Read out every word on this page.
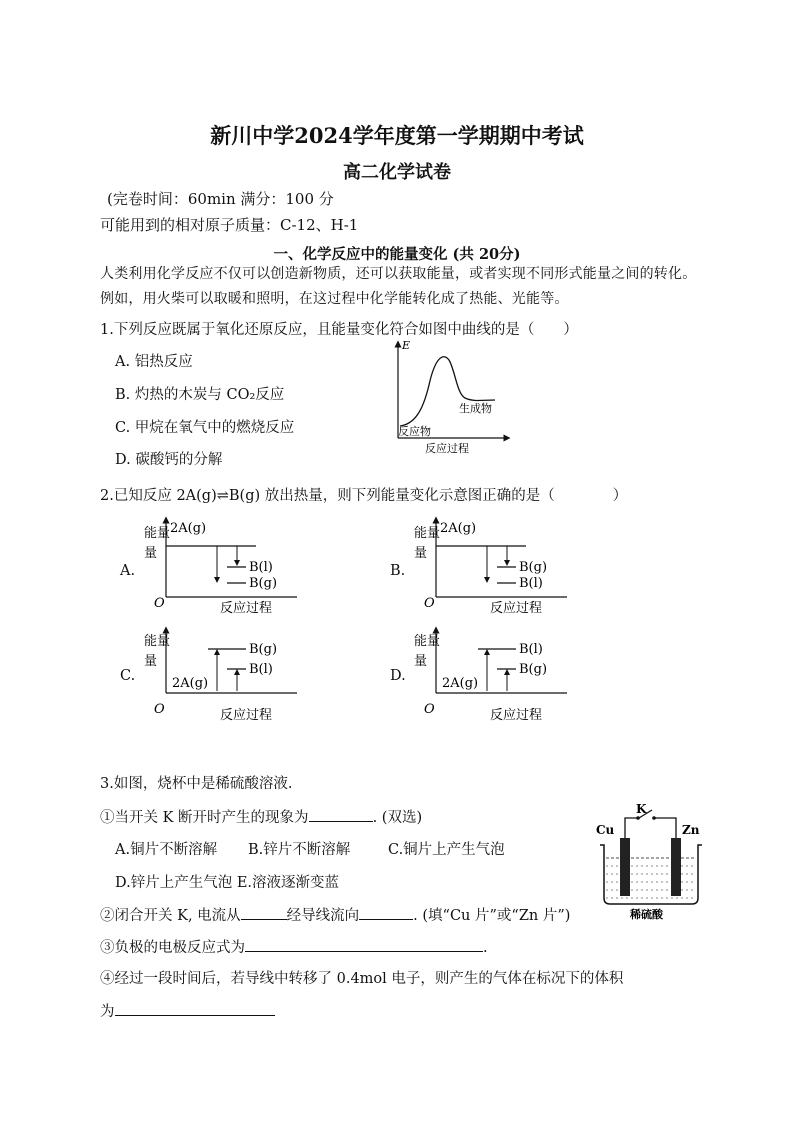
新川中学2024学年度第一学期期中考试
高二化学试卷
(完卷时间：60min 满分：100 分
可能用到的相对原子质量：C-12、H-1
一、化学反应中的能量变化 (共 20分)
人类利用化学反应不仅可以创造新物质，还可以获取能量，或者实现不同形式能量之间的转化。例如，用火柴可以取暖和照明，在这过程中化学能转化成了热能、光能等。
1.下列反应既属于氧化还原反应，且能量变化符合如图中曲线的是（　　）
A. 铝热反应
B. 灼热的木炭与 CO₂反应
C. 甲烷在氧气中的燃烧反应
D. 碳酸钙的分解
E
生成物
反应物
反应过程
2.已知反应 2A(g)⇌B(g) 放出热量，则下列能量变化示意图正确的是（　　　　）
A.
能量
量
2A(g)
B(l)
B(g)
O	反应过程
B.
能量
量
2A(g)
B(g)
B(l)
O	反应过程
C.
能量
量
2A(g)
B(g)
B(l)
O	反应过程
D.
能量
量
2A(g)
B(l)
B(g)
O	反应过程
3.如图，烧杯中是稀硫酸溶液.
①当开关 K 断开时产生的现象为	. (双选)
A.铜片不断溶解 B.锌片不断溶解	C.铜片上产生气泡
D.锌片上产生气泡 E.溶液逐渐变蓝
②闭合开关 K, 电流从	经导线流向	. (填“Cu 片”或“Zn 片”)
③负极的电极反应式为	.
④经过一段时间后，若导线中转移了 0.4mol 电子，则产生的气体在标况下的体积
为
K
Cu	Zn
稀硫酸
